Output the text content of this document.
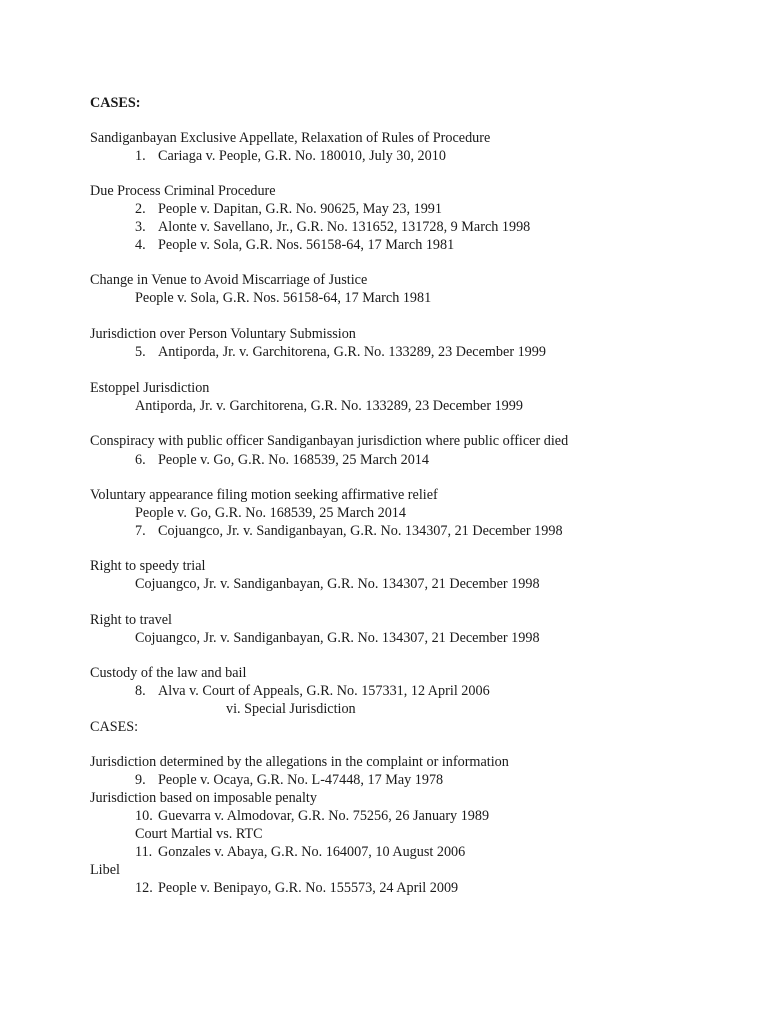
CASES:
Sandiganbayan Exclusive Appellate, Relaxation of Rules of Procedure
1. Cariaga v. People, G.R. No. 180010, July 30, 2010
Due Process Criminal Procedure
2. People v. Dapitan, G.R. No. 90625, May 23, 1991
3. Alonte v. Savellano, Jr., G.R. No. 131652, 131728, 9 March 1998
4. People v. Sola, G.R. Nos. 56158-64, 17 March 1981
Change in Venue to Avoid Miscarriage of Justice
People v. Sola, G.R. Nos. 56158-64, 17 March 1981
Jurisdiction over Person Voluntary Submission
5. Antiporda, Jr. v. Garchitorena, G.R. No. 133289, 23 December 1999
Estoppel Jurisdiction
Antiporda, Jr. v. Garchitorena, G.R. No. 133289, 23 December 1999
Conspiracy with public officer Sandiganbayan jurisdiction where public officer died
6. People v. Go, G.R. No. 168539, 25 March 2014
Voluntary appearance filing motion seeking affirmative relief
People v. Go, G.R. No. 168539, 25 March 2014
7. Cojuangco, Jr. v. Sandiganbayan, G.R. No. 134307, 21 December 1998
Right to speedy trial
Cojuangco, Jr. v. Sandiganbayan, G.R. No. 134307, 21 December 1998
Right to travel
Cojuangco, Jr. v. Sandiganbayan, G.R. No. 134307, 21 December 1998
Custody of the law and bail
8. Alva v. Court of Appeals, G.R. No. 157331, 12 April 2006
vi. Special Jurisdiction
CASES:
Jurisdiction determined by the allegations in the complaint or information
9. People v. Ocaya, G.R. No. L-47448, 17 May 1978
Jurisdiction based on imposable penalty
10. Guevarra v. Almodovar, G.R. No. 75256, 26 January 1989
Court Martial vs. RTC
11. Gonzales v. Abaya, G.R. No. 164007, 10 August 2006
Libel
12. People v. Benipayo, G.R. No. 155573, 24 April 2009
